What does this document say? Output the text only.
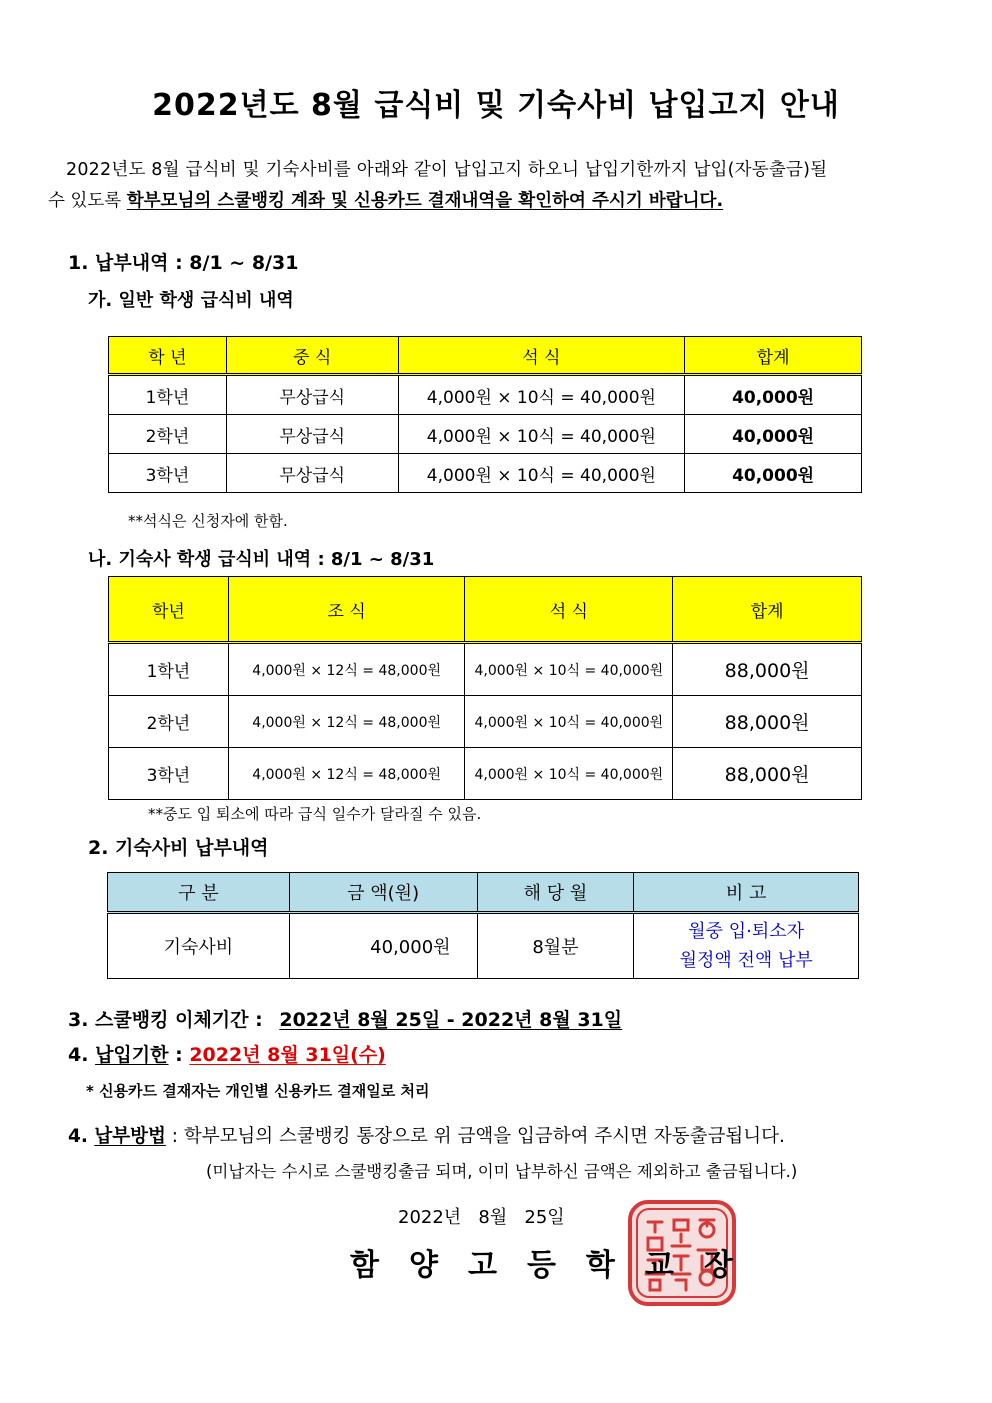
2022년도 8월 급식비 및 기숙사비 납입고지 안내
2022년도 8월 급식비 및 기숙사비를 아래와 같이 납입고지 하오니 납입기한까지 납입(자동출금)될
수 있도록 학부모님의 스쿨뱅킹 계좌 및 신용카드 결재내역을 확인하여 주시기 바랍니다.
1. 납부내역 : 8/1 ~ 8/31
가. 일반 학생 급식비 내역
학 년	중 식	석 식	합계
1학년	무상급식	4,000원 × 10식 = 40,000원	40,000원
2학년	무상급식	4,000원 × 10식 = 40,000원	40,000원
3학년	무상급식	4,000원 × 10식 = 40,000원	40,000원
**석식은 신청자에 한함.
나. 기숙사 학생 급식비 내역 : 8/1 ~ 8/31
학년	조 식	석 식	합계
1학년	4,000원 × 12식 = 48,000원	4,000원 × 10식 = 40,000원	88,000원
2학년	4,000원 × 12식 = 48,000원	4,000원 × 10식 = 40,000원	88,000원
3학년	4,000원 × 12식 = 48,000원	4,000원 × 10식 = 40,000원	88,000원
**중도 입 퇴소에 따라 급식 일수가 달라질 수 있음.
2. 기숙사비 납부내역
구 분	금 액(원)	해 당 월	비 고
기숙사비	40,000원	8월분	월중 입·퇴소자
월정액 전액 납부
3. 스쿨뱅킹 이체기간 : 2022년 8월 25일 - 2022년 8월 31일
4. 납입기한 : 2022년 8월 31일(수)
* 신용카드 결재자는 개인별 신용카드 결재일로 처리
4. 납부방법 : 학부모님의 스쿨뱅킹 통장으로 위 금액을 입금하여 주시면 자동출금됩니다.
(미납자는 수시로 스쿨뱅킹출금 되며, 이미 납부하신 금액은 제외하고 출금됩니다.)
2022년   8월   25일
함양고등학교장
